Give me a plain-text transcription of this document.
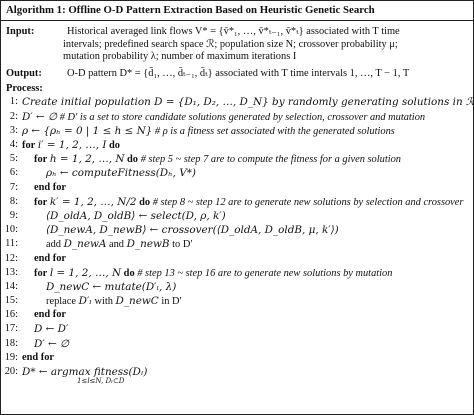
Algorithm 1: Offline O-D Pattern Extraction Based on Heuristic Genetic Search
Input:	Historical averaged link flows V* = {v̄*₁, …, v̄*ₜ₋₁, v̄*ₜ} associated with T time
intervals; predefined search space ℛ; population size N; crossover probability μ;
mutation probability λ; number of maximum iterations I
Output:	O-D pattern D* = {d̄₁, …, d̄ₜ₋₁, d̄ₜ} associated with T time intervals 1, …, T − 1, T
Process:
1: Create initial population D = {D₁, D₂, …, D_N} by randomly generating solutions in ℛ
2: D′ ← ∅ # D′ is a set to store candidate solutions generated by selection, crossover and mutation
3: ρ ← {ρₕ = 0 | 1 ≤ h ≤ N} # ρ is a fitness set associated with the generated solutions
4: for i′ = 1, 2, …, I do
5:	for h = 1, 2, …, N do # step 5 ~ step 7 are to compute the fitness for a given solution
6:	ρₕ ← computeFitness(Dₕ, V*)
7:	end for
8:	for k′ = 1, 2, …, N/2 do # step 8 ~ step 12 are to generate new solutions by selection and crossover
9:	⟨D_oldA, D_oldB⟩ ← select(D, ρ, k′)
10:	⟨D_newA, D_newB⟩ ← crossover(⟨D_oldA, D_oldB, μ, k′⟩)
11:	add D_newA and D_newB to D′
12:	end for
13:	for l = 1, 2, …, N do # step 13 ~ step 16 are to generate new solutions by mutation
14:	D_newC ← mutate(D′ₗ, λ)
15:	replace D′ₗ with D_newC in D′
16:	end for
17:	D ← D′
18:	D′ ← ∅
19: end for
20: D* ← argmax fitness(Dₗ)
1≤l≤N, Dₗ⊂D
